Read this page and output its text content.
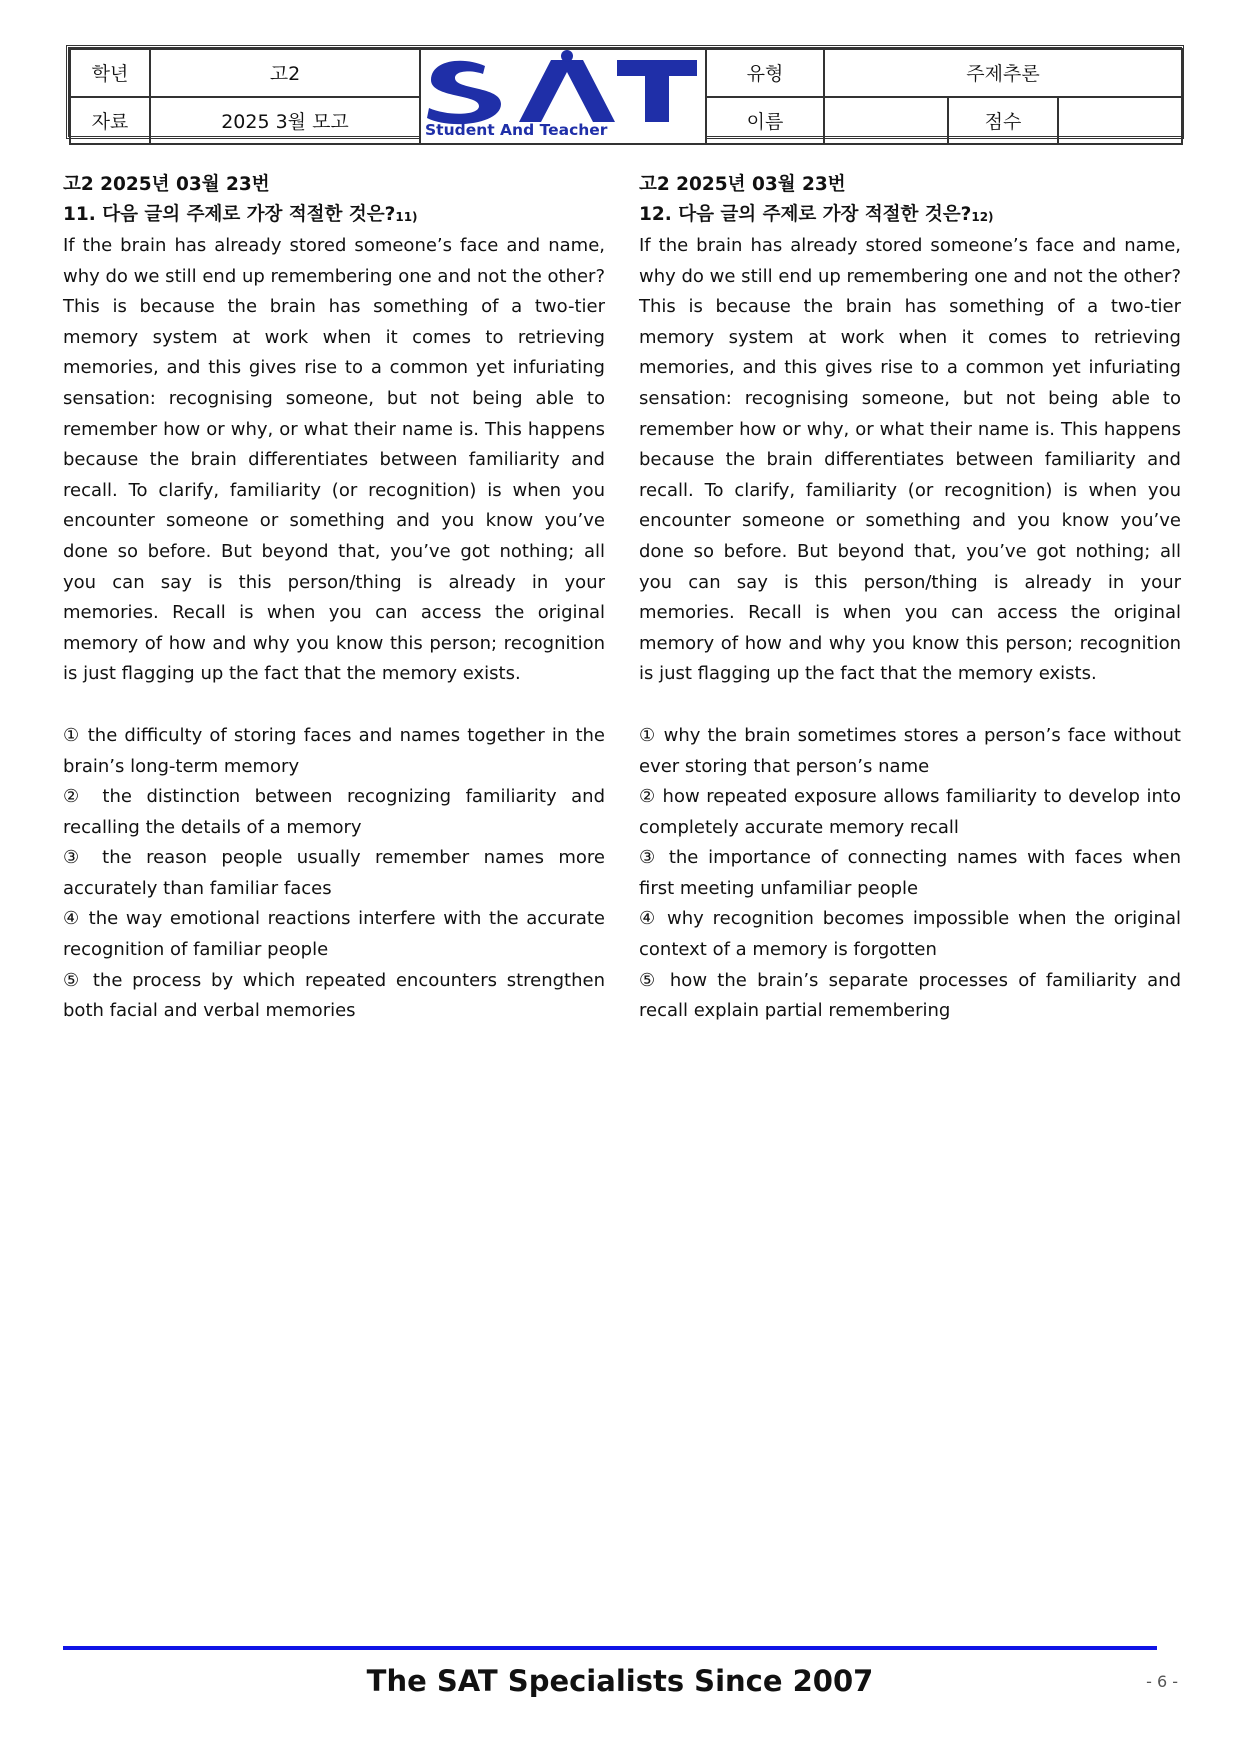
학년	고2	Student And Teacher	유형	주제추론		
자료	2025 3월 모고		이름		점수	
고2 2025년 03월 23번
11. 다음 글의 주제로 가장 적절한 것은?$^{11)}$
If the brain has already stored someone’s face and name, why do we still end up remembering one and not the other? This is because the brain has something of a two-tier memory system at work when it comes to retrieving memories, and this gives rise to a common yet infuriating sensation: recognising someone, but not being able to remember how or why, or what their name is. This happens because the brain differentiates between familiarity and recall. To clarify, familiarity (or recognition) is when you encounter someone or something and you know you’ve done so before. But beyond that, you’ve got nothing; all you can say is this person/thing is already in your memories. Recall is when you can access the original memory of how and why you know this person; recognition is just flagging up the fact that the memory exists.
① the difficulty of storing faces and names together in the brain’s long-term memory
② the distinction between recognizing familiarity and recalling the details of a memory
③ the reason people usually remember names more accurately than familiar faces
④ the way emotional reactions interfere with the accurate recognition of familiar people
⑤ the process by which repeated encounters strengthen both facial and verbal memories
고2 2025년 03월 23번
12. 다음 글의 주제로 가장 적절한 것은?$^{12)}$
If the brain has already stored someone’s face and name, why do we still end up remembering one and not the other? This is because the brain has something of a two-tier memory system at work when it comes to retrieving memories, and this gives rise to a common yet infuriating sensation: recognising someone, but not being able to remember how or why, or what their name is. This happens because the brain differentiates between familiarity and recall. To clarify, familiarity (or recognition) is when you encounter someone or something and you know you’ve done so before. But beyond that, you’ve got nothing; all you can say is this person/thing is already in your memories. Recall is when you can access the original memory of how and why you know this person; recognition is just flagging up the fact that the memory exists.
① why the brain sometimes stores a person’s face without ever storing that person’s name
② how repeated exposure allows familiarity to develop into completely accurate memory recall
③ the importance of connecting names with faces when first meeting unfamiliar people
④ why recognition becomes impossible when the original context of a memory is forgotten
⑤ how the brain’s separate processes of familiarity and recall explain partial remembering
The SAT Specialists Since 2007	- 6 -
